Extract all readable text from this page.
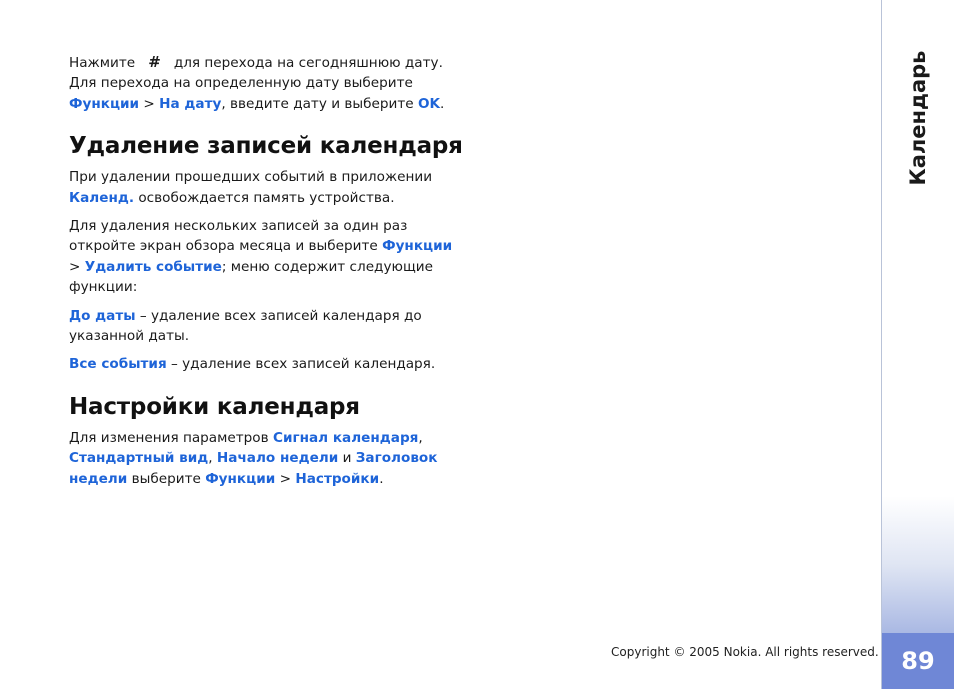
Нажмите # для перехода на сегодняшнюю дату. Для перехода на определенную дату выберите Функции > На дату, введите дату и выберите OK.

Удаление записей календаря

При удалении прошедших событий в приложении Календ. освобождается память устройства.

Для удаления нескольких записей за один раз откройте экран обзора месяца и выберите Функции > Удалить событие; меню содержит следующие функции:

До даты – удаление всех записей календаря до указанной даты.

Все события – удаление всех записей календаря.

Настройки календаря

Для изменения параметров Сигнал календаря, Стандартный вид, Начало недели и Заголовок недели выберите Функции > Настройки.

Календарь
89
Copyright © 2005 Nokia. All rights reserved.
